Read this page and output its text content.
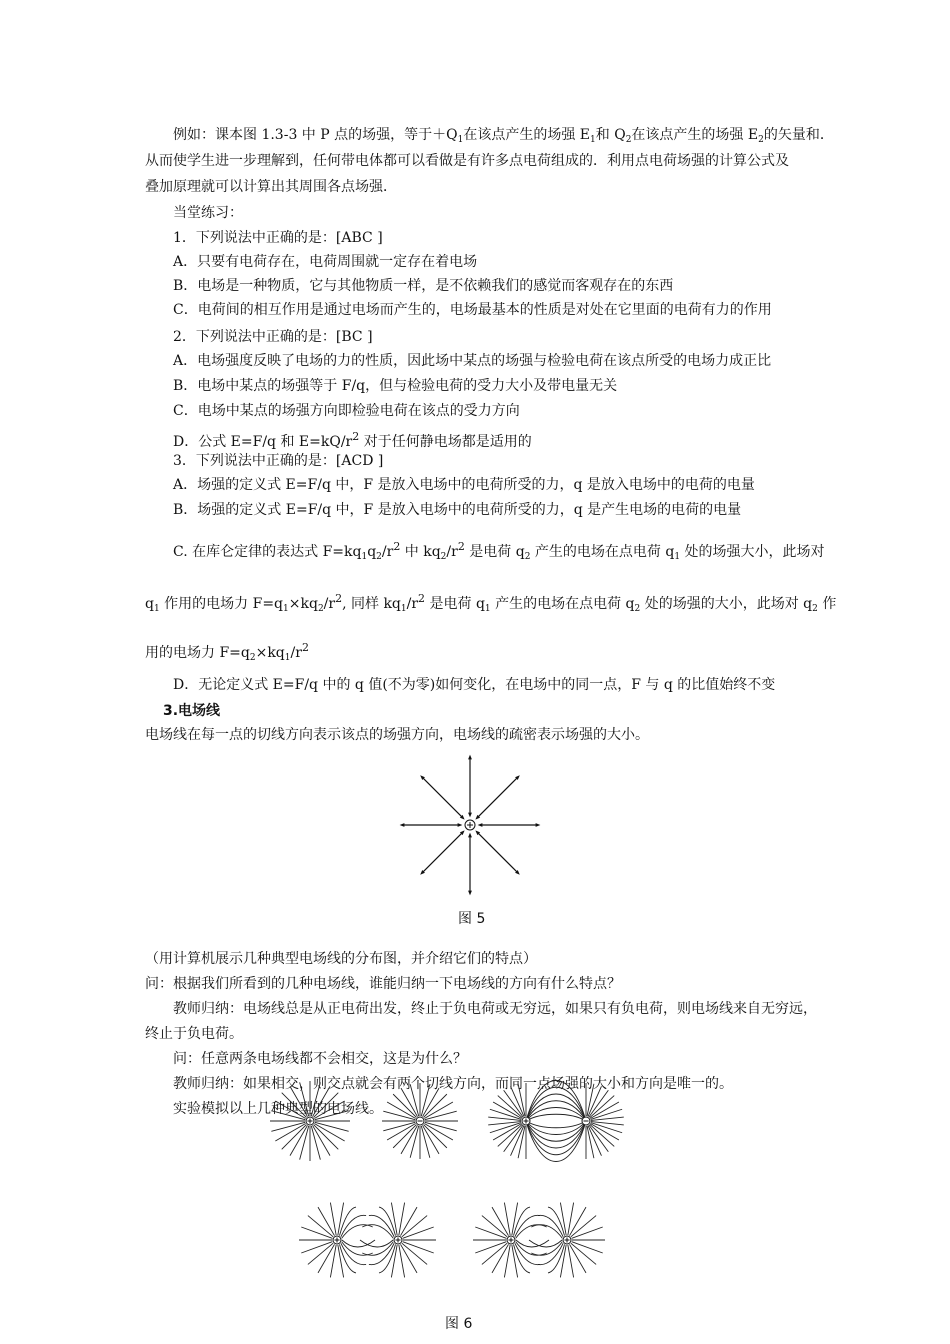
例如：课本图 1.3-3 中 P 点的场强，等于$+Q_1$在该点产生的场强 $E_1$和 $Q_2$在该点产生的场强 $E_2$的矢量和．
从而使学生进一步理解到，任何带电体都可以看做是有许多点电荷组成的．利用点电荷场强的计算公式及
叠加原理就可以计算出其周围各点场强．
当堂练习：
1．下列说法中正确的是：[ABC ]
A．只要有电荷存在，电荷周围就一定存在着电场
B．电场是一种物质，它与其他物质一样，是不依赖我们的感觉而客观存在的东西
C．电荷间的相互作用是通过电场而产生的，电场最基本的性质是对处在它里面的电荷有力的作用
2．下列说法中正确的是：[BC ]
A．电场强度反映了电场的力的性质，因此场中某点的场强与检验电荷在该点所受的电场力成正比
B．电场中某点的场强等于 F/q，但与检验电荷的受力大小及带电量无关
C．电场中某点的场强方向即检验电荷在该点的受力方向
D．公式 E=F/q 和 $E=kQ/r^2$ 对于任何静电场都是适用的
3．下列说法中正确的是：[ACD ]
A．场强的定义式 E=F/q 中，F 是放入电场中的电荷所受的力，q 是放入电场中的电荷的电量
B．场强的定义式 E=F/q 中，F 是放入电场中的电荷所受的力，q 是产生电场的电荷的电量
C. 在库仑定律的表达式 $F=kq_1q_2/r^2$ 中 $kq_2/r^2$ 是电荷 $q_2$ 产生的电场在点电荷 $q_1$ 处的场强大小，此场对
$q_1$ 作用的电场力 $F=q_1\times kq_2/r^2$, 同样 $kq_1/r^2$ 是电荷 $q_1$ 产生的电场在点电荷 $q_2$ 处的场强的大小，此场对 $q_2$ 作
用的电场力 $F=q_2\times kq_1/r^2$
D．无论定义式 E=F/q 中的 q 值(不为零)如何变化，在电场中的同一点，F 与 q 的比值始终不变
3.电场线
电场线在每一点的切线方向表示该点的场强方向，电场线的疏密表示场强的大小。
图 5
（用计算机展示几种典型电场线的分布图，并介绍它们的特点）
问：根据我们所看到的几种电场线，谁能归纳一下电场线的方向有什么特点？
教师归纳：电场线总是从正电荷出发，终止于负电荷或无穷远，如果只有负电荷，则电场线来自无穷远，
终止于负电荷。
问：任意两条电场线都不会相交，这是为什么？
教师归纳：如果相交，则交点就会有两个切线方向，而同一点场强的大小和方向是唯一的。
实验模拟以上几种典型的电场线。
图 6
